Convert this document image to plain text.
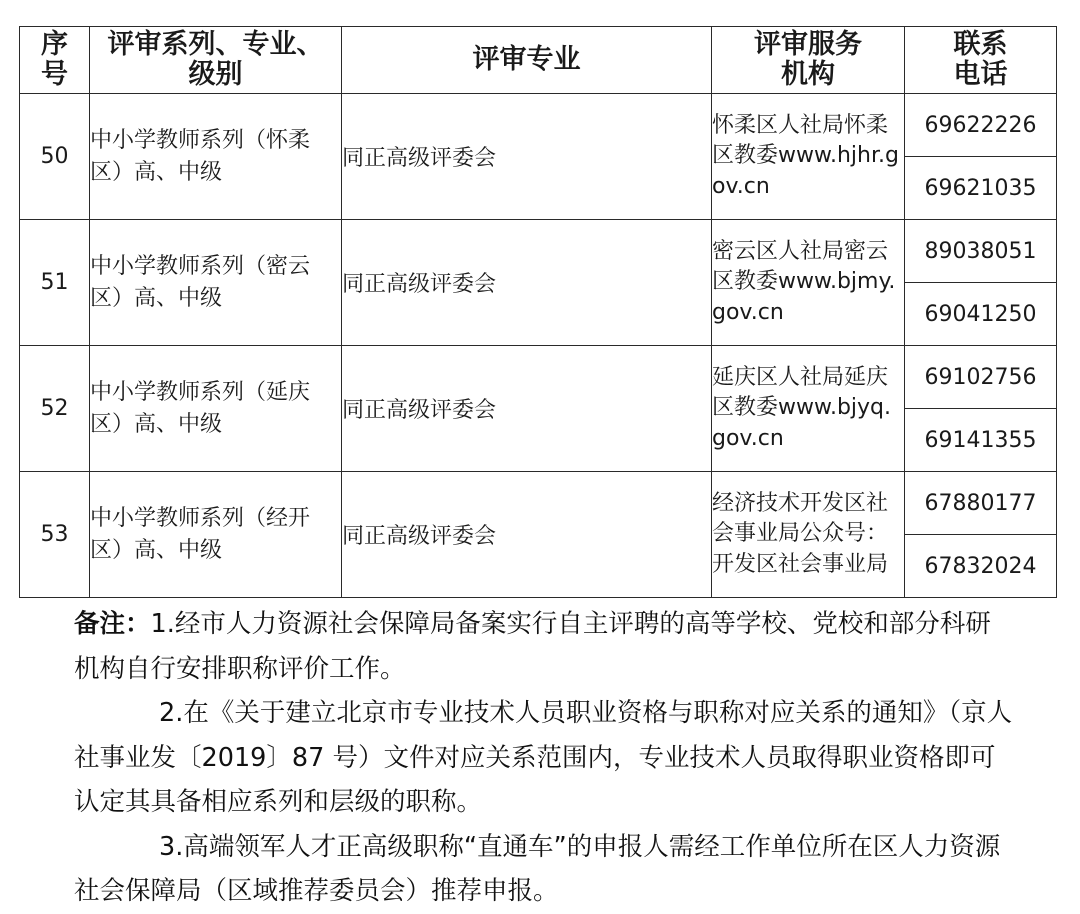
序号	评审系列、专业、级别	评审专业	评审服务机构	联系电话
50	中小学教师系列（怀柔区）高、中级	同正高级评委会	怀柔区人社局怀柔区教委www.hjhr.gov.cn	69622226
				69621035
51	中小学教师系列（密云区）高、中级	同正高级评委会	密云区人社局密云区教委www.bjmy.gov.cn	89038051
				69041250
52	中小学教师系列（延庆区）高、中级	同正高级评委会	延庆区人社局延庆区教委www.bjyq.gov.cn	69102756
				69141355
53	中小学教师系列（经开区）高、中级	同正高级评委会	经济技术开发区社会事业局公众号：开发区社会事业局	67880177
				67832024

备注：1.经市人力资源社会保障局备案实行自主评聘的高等学校、党校和部分科研机构自行安排职称评价工作。

2.在《关于建立北京市专业技术人员职业资格与职称对应关系的通知》（京人社事业发〔2019〕87 号）文件对应关系范围内，专业技术人员取得职业资格即可认定其具备相应系列和层级的职称。

3.高端领军人才正高级职称“直通车”的申报人需经工作单位所在区人力资源社会保障局（区域推荐委员会）推荐申报。
